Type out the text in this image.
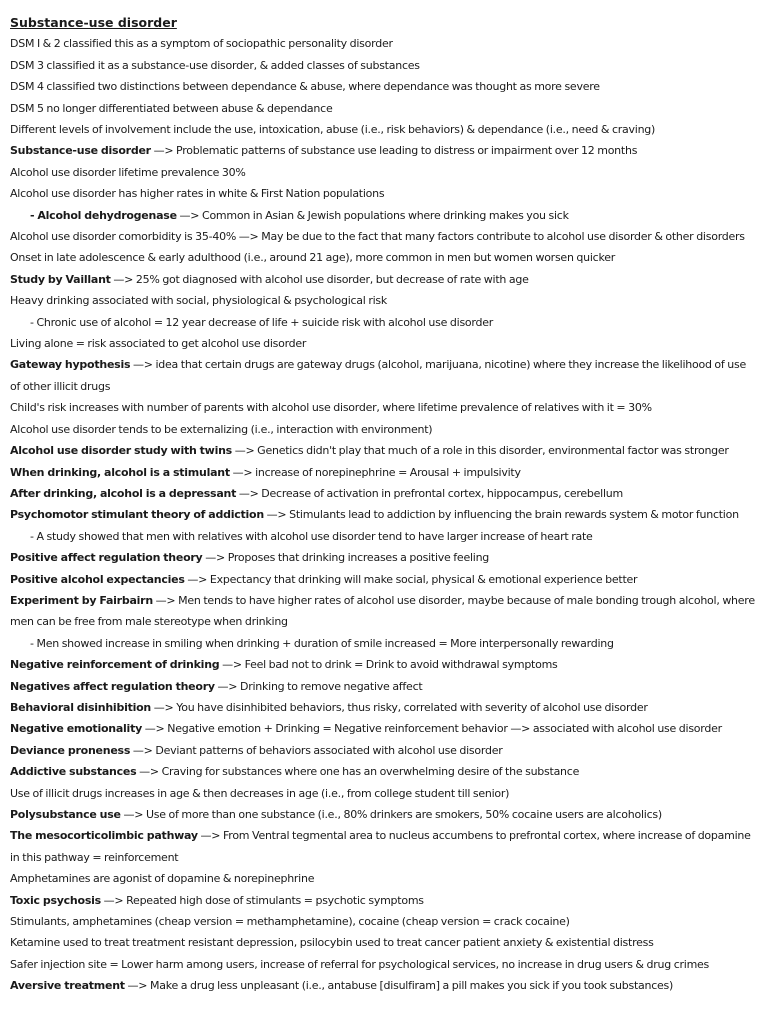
Substance-use disorder
DSM I & 2 classified this as a symptom of sociopathic personality disorder
DSM 3 classified it as a substance-use disorder, & added classes of substances
DSM 4 classified two distinctions between dependance & abuse, where dependance was thought as more severe
DSM 5 no longer differentiated between abuse & dependance
Different levels of involvement include the use, intoxication, abuse (i.e., risk behaviors) & dependance (i.e., need & craving)
Substance-use disorder —> Problematic patterns of substance use leading to distress or impairment over 12 months
Alcohol use disorder lifetime prevalence 30%
Alcohol use disorder has higher rates in white & First Nation populations
- Alcohol dehydrogenase —> Common in Asian & Jewish populations where drinking makes you sick
Alcohol use disorder comorbidity is 35-40% —> May be due to the fact that many factors contribute to alcohol use disorder & other disorders
Onset in late adolescence & early adulthood (i.e., around 21 age), more common in men but women worsen quicker
Study by Vaillant —> 25% got diagnosed with alcohol use disorder, but decrease of rate with age
Heavy drinking associated with social, physiological & psychological risk
- Chronic use of alcohol = 12 year decrease of life + suicide risk with alcohol use disorder
Living alone = risk associated to get alcohol use disorder
Gateway hypothesis —> idea that certain drugs are gateway drugs (alcohol, marijuana, nicotine) where they increase the likelihood of use of other illicit drugs
Child's risk increases with number of parents with alcohol use disorder, where lifetime prevalence of relatives with it = 30%
Alcohol use disorder tends to be externalizing (i.e., interaction with environment)
Alcohol use disorder study with twins —> Genetics didn't play that much of a role in this disorder, environmental factor was stronger
When drinking, alcohol is a stimulant —> increase of norepinephrine = Arousal + impulsivity
After drinking, alcohol is a depressant —> Decrease of activation in prefrontal cortex, hippocampus, cerebellum
Psychomotor stimulant theory of addiction —> Stimulants lead to addiction by influencing the brain rewards system & motor function
- A study showed that men with relatives with alcohol use disorder tend to have larger increase of heart rate
Positive affect regulation theory —> Proposes that drinking increases a positive feeling
Positive alcohol expectancies —> Expectancy that drinking will make social, physical & emotional experience better
Experiment by Fairbairn —> Men tends to have higher rates of alcohol use disorder, maybe because of male bonding trough alcohol, where men can be free from male stereotype when drinking
- Men showed increase in smiling when drinking + duration of smile increased = More interpersonally rewarding
Negative reinforcement of drinking —> Feel bad not to drink = Drink to avoid withdrawal symptoms
Negatives affect regulation theory —> Drinking to remove negative affect
Behavioral disinhibition —> You have disinhibited behaviors, thus risky, correlated with severity of alcohol use disorder
Negative emotionality —> Negative emotion + Drinking = Negative reinforcement behavior —> associated with alcohol use disorder
Deviance proneness —> Deviant patterns of behaviors associated with alcohol use disorder
Addictive substances —> Craving for substances where one has an overwhelming desire of the substance
Use of illicit drugs increases in age & then decreases in age (i.e., from college student till senior)
Polysubstance use —> Use of more than one substance (i.e., 80% drinkers are smokers, 50% cocaine users are alcoholics)
The mesocorticolimbic pathway —> From Ventral tegmental area to nucleus accumbens to prefrontal cortex, where increase of dopamine in this pathway = reinforcement
Amphetamines are agonist of dopamine & norepinephrine
Toxic psychosis —> Repeated high dose of stimulants = psychotic symptoms
Stimulants, amphetamines (cheap version = methamphetamine), cocaine (cheap version = crack cocaine)
Ketamine used to treat treatment resistant depression, psilocybin used to treat cancer patient anxiety & existential distress
Safer injection site = Lower harm among users, increase of referral for psychological services, no increase in drug users & drug crimes
Aversive treatment —> Make a drug less unpleasant (i.e., antabuse [disulfiram] a pill makes you sick if you took substances)
